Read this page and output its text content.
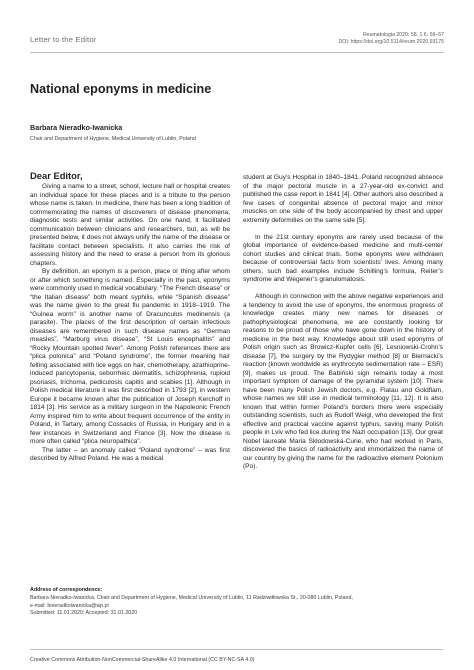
Letter to the Editor	Reumatologia 2020; 58, 1 6: 56–57
DOI: https://doi.org/10.5114/reum.2020.93175
National eponyms in medicine
Barbara Nieradko-Iwanicka
Chair and Department of Hygiene, Medical University of Lublin, Poland
Dear Editor,

Giving a name to a street, school, lecture hall or hospital creates an individual space for these places and is a tribute to the person whose name is taken. In medicine, there has been a long tradition of commemorating the names of discoverers of disease phenomena, diagnostic tests and similar activities. On one hand, it facilitated communication between clinicians and researchers, but, as will be presented below, it does not always unify the name of the disease or facilitate contact between specialists. It also carries the risk of assessing history and the need to erase a person from its glorious chapters.

By definition, an eponym is a person, place or thing after whom or after which something is named. Especially in the past, eponyms were commonly used in medical vocabulary. “The French disease” or “the Italian disease” both meant syphilis, while “Spanish disease” was the name given to the great flu pandemic in 1918–1919. The “Guinea worm” is another name of Dracunculus medinensis (a parasite). The places of the first description of certain infectious diseases are remembered in such disease names as “German measles”, “Marburg virus disease”, “St Louis encephalitis” and “Rocky Mountain spotted fever”. Among Polish references there are “plica polonica” and “Poland syndrome”, the former meaning hair felting associated with lice eggs on hair, chemotherapy, azathioprine-induced pancytopenia, seborrheic dermatitis, schizophrenia, rupioid psoriasis, trichoma, pediculosis capitis and scabies [1]. Although in Polish medical literature it was first described in 1793 [2], in western Europe it became known after the publication of Joseph Kerchoff in 1814 [3]. His service as a military surgeon in the Napoleonic French Army inspired him to write about frequent occurrence of the entity in Poland, in Tartary, among Cossacks of Russia, in Hungary and in a few instances in Switzerland and France [3]. Now the disease is more often called “plica neuropathica”.

The latter – an anomaly called “Poland syndrome” – was first described by Alfred Poland. He was a medical

student at Guy’s Hospital in 1840–1841. Poland recognized absence of the major pectoral muscle in a 27-year-old ex-convict and published the case report in 1841 [4]. Other authors also described a few cases of congenital absence of pectoral major and minor muscles on one side of the body accompanied by chest and upper extremity deformities on the same side [5].

In the 21st century eponyms are rarely used because of the global importance of evidence-based medicine and multi-center cohort studies and clinical trials. Some eponyms were withdrawn because of controversial facts from scientists’ lives. Among many others, such bad examples include Schilling’s formula, Reiter’s syndrome and Wegener’s granulomatosis.

Although in connection with the above negative experiences and a tendency to avoid the use of eponyms, the enormous progress of knowledge creates many new names for diseases or pathophysiological phenomena, we are constantly looking for reasons to be proud of those who have gone down in the history of medicine in the best way. Knowledge about still used eponyms of Polish origin such as Browicz-Kupfer cells [6], Lesniowski-Crohn’s disease [7], the surgery by the Rydygier method [8] or Biernacki’s reaction (known worldwide as erythrocyte sedimentation rate – ESR) [9], makes us proud. The Babiński sign remains today a most important symptom of damage of the pyramidal system [10]. There have been many Polish Jewish doctors, e.g. Flatau and Goldflam, whose names we still use in medical terminology [11, 12]. It is also known that within former Poland’s borders there were especially outstanding scientists, such as Rudolf Weigl, who developed the first effective and practical vaccine against typhus, saving many Polish people in Lviv who fed lice during the Nazi occupation [13]. Our great Nobel laureate Maria Skłodowska-Curie, who had worked in Paris, discovered the basics of radioactivity and immortalized the name of our country by giving the name for the radioactive element Polonium (Po).

Address of correspondence:
Barbara Nieradko-Iwanicka, Chair and Department of Hygiene, Medical University of Lublin, 11 Radziwiłłowska St., 20-080 Lublin, Poland,
e-mail: bnieradkoiwanicka@wp.pl
Submitted: 11.01.2020; Accepted: 31.01.2020
Creative Commons Attribution-NonCommercial-ShareAlike 4.0 International (CC BY-NC-SA 4.0)
